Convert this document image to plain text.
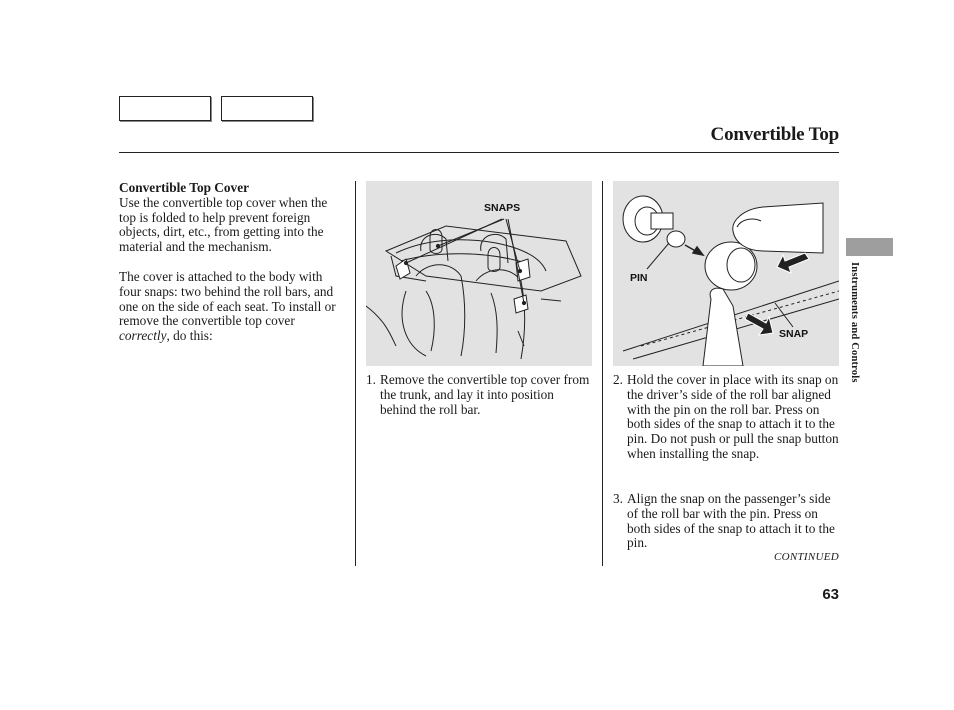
Convertible Top

Convertible Top Cover

Use the convertible top cover when the top is folded to help prevent foreign objects, dirt, etc., from getting into the material and the mechanism.

The cover is attached to the body with four snaps: two behind the roll bars, and one on the side of each seat. To install or remove the convertible top cover correctly, do this:

SNAPS
PIN
SNAP
1. Remove the convertible top cover from the trunk, and lay it into position behind the roll bar.
2. Hold the cover in place with its snap on the driver’s side of the roll bar aligned with the pin on the roll bar. Press on both sides of the snap to attach it to the pin. Do not push or pull the snap button when installing the snap.
3. Align the snap on the passenger’s side of the roll bar with the pin. Press on both sides of the snap to attach it to the pin.
CONTINUED
63
Instruments and Controls
